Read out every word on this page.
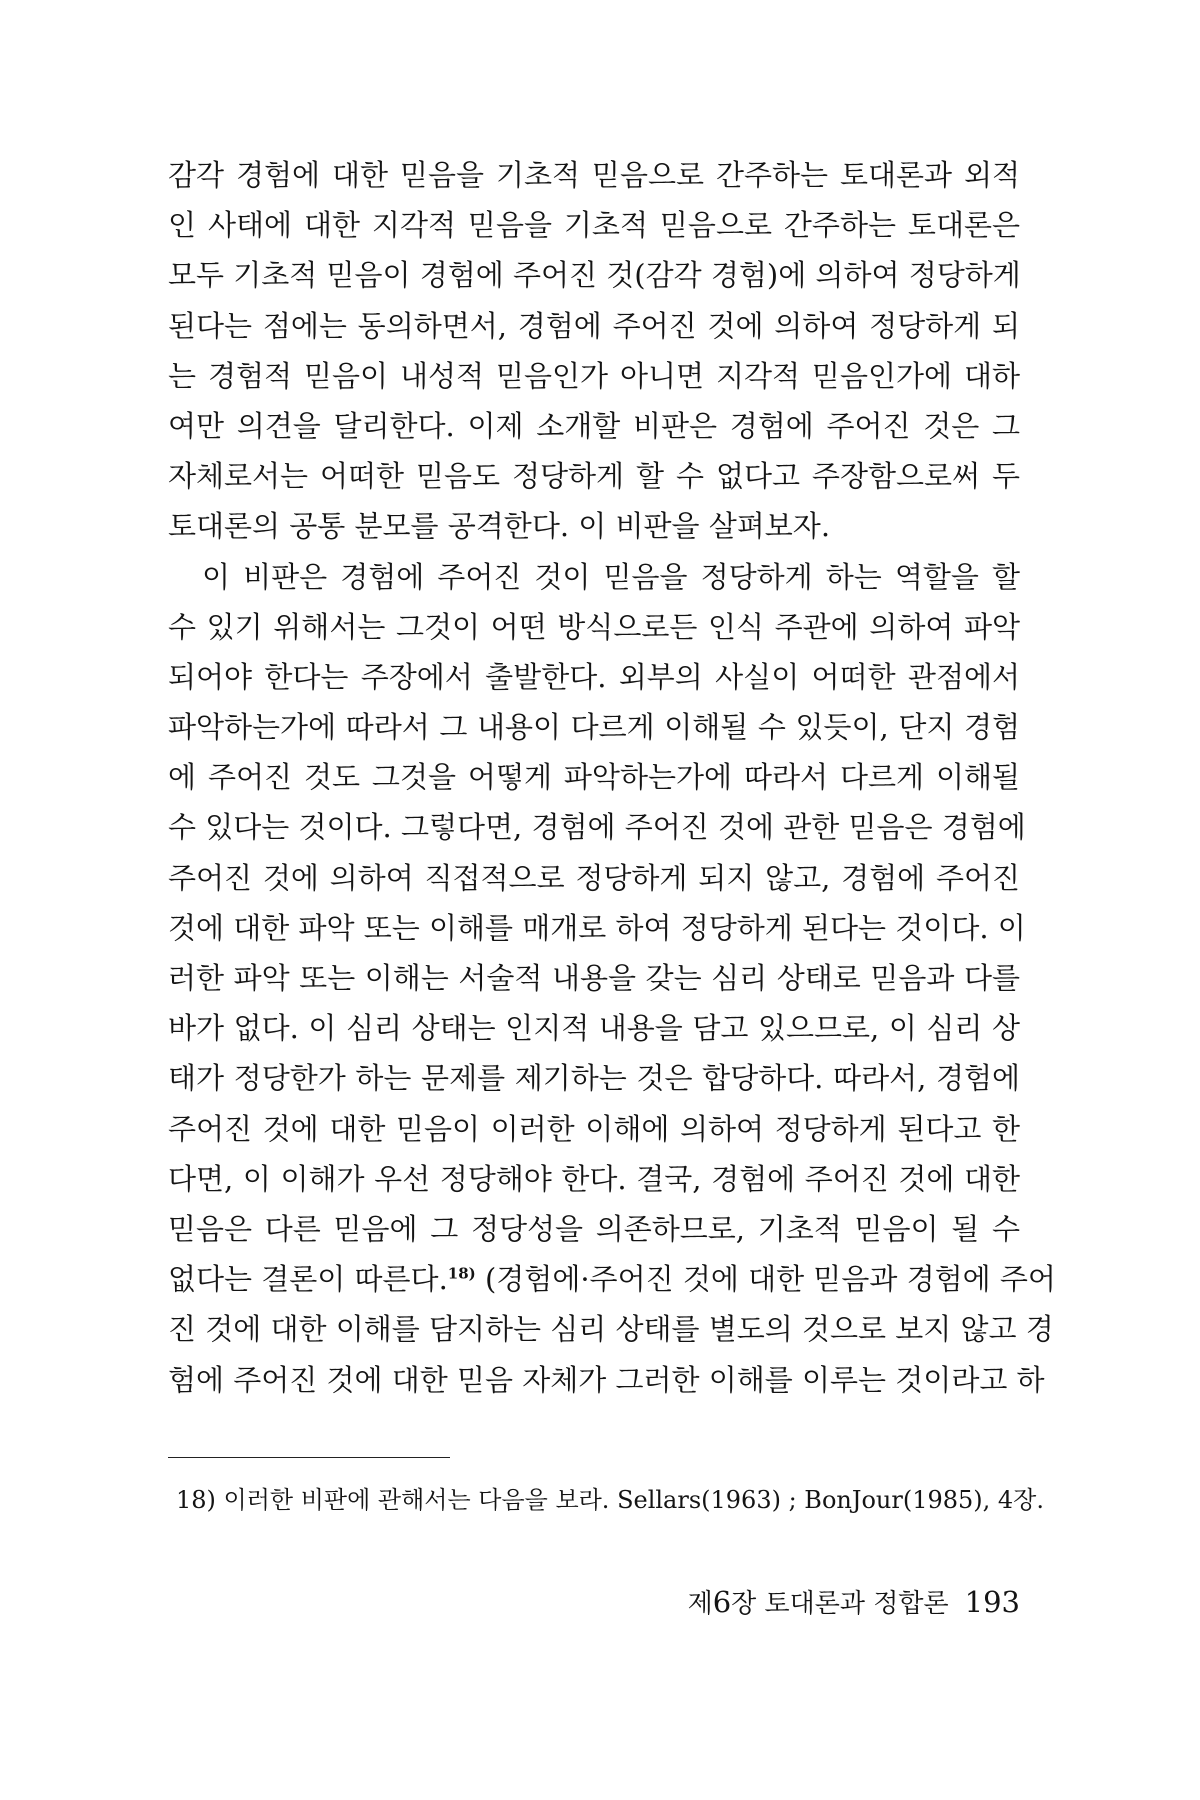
감각 경험에 대한 믿음을 기초적 믿음으로 간주하는 토대론과 외적
인 사태에 대한 지각적 믿음을 기초적 믿음으로 간주하는 토대론은
모두 기초적 믿음이 경험에 주어진 것(감각 경험)에 의하여 정당하게
된다는 점에는 동의하면서, 경험에 주어진 것에 의하여 정당하게 되
는 경험적 믿음이 내성적 믿음인가 아니면 지각적 믿음인가에 대하
여만 의견을 달리한다. 이제 소개할 비판은 경험에 주어진 것은 그
자체로서는 어떠한 믿음도 정당하게 할 수 없다고 주장함으로써 두
토대론의 공통 분모를 공격한다. 이 비판을 살펴보자.
이 비판은 경험에 주어진 것이 믿음을 정당하게 하는 역할을 할
수 있기 위해서는 그것이 어떤 방식으로든 인식 주관에 의하여 파악
되어야 한다는 주장에서 출발한다. 외부의 사실이 어떠한 관점에서
파악하는가에 따라서 그 내용이 다르게 이해될 수 있듯이, 단지 경험
에 주어진 것도 그것을 어떻게 파악하는가에 따라서 다르게 이해될
수 있다는 것이다. 그렇다면, 경험에 주어진 것에 관한 믿음은 경험에
주어진 것에 의하여 직접적으로 정당하게 되지 않고, 경험에 주어진
것에 대한 파악 또는 이해를 매개로 하여 정당하게 된다는 것이다. 이
러한 파악 또는 이해는 서술적 내용을 갖는 심리 상태로 믿음과 다를
바가 없다. 이 심리 상태는 인지적 내용을 담고 있으므로, 이 심리 상
태가 정당한가 하는 문제를 제기하는 것은 합당하다. 따라서, 경험에
주어진 것에 대한 믿음이 이러한 이해에 의하여 정당하게 된다고 한
다면, 이 이해가 우선 정당해야 한다. 결국, 경험에 주어진 것에 대한
믿음은 다른 믿음에 그 정당성을 의존하므로, 기초적 믿음이 될 수
없다는 결론이 따른다.$^{18)}$ (경험에·주어진 것에 대한 믿음과 경험에 주어
진 것에 대한 이해를 담지하는 심리 상태를 별도의 것으로 보지 않고 경
험에 주어진 것에 대한 믿음 자체가 그러한 이해를 이루는 것이라고 하
18) 이러한 비판에 관해서는 다음을 보라. Sellars(1963) ; BonJour(1985), 4장.
제6장 토대론과 정합론 193
